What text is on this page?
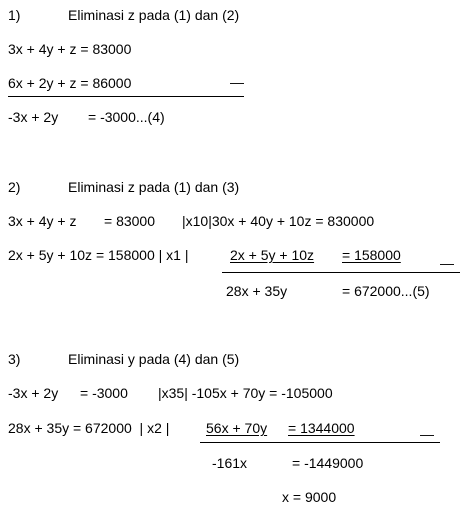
1)	Eliminasi z pada (1) dan (2)
3x + 4y + z = 83000
6x + 2y + z = 86000	—
-3x + 2y = -3000...(4)
2)	Eliminasi z pada (1) dan (3)
3x + 4y + z = 83000 |x10|30x + 40y + 10z = 830000
2x + 5y + 10z = 158000 | x1 |	2x + 5y + 10z = 158000	—
28x + 35y	= 672000...(5)
3)	Eliminasi y pada (4) dan (5)
-3x + 2y = -3000 |x35| -105x + 70y = -105000
28x + 35y = 672000  | x2 |	56x + 70y = 1344000	—
-161x	= -1449000
x = 9000
